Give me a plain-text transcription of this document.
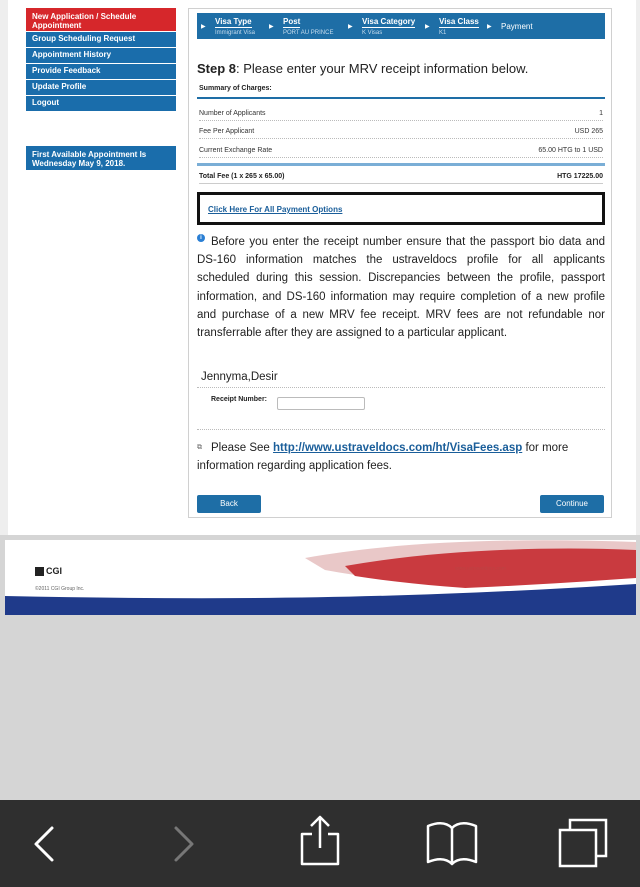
New Application / Schedule Appointment
Group Scheduling Request
Appointment History
Provide Feedback
Update Profile
Logout
First Available Appointment Is Wednesday May 9, 2018.
▶
Visa Type
Immigrant Visa
▶
Post
PORT AU PRINCE
▶
Visa Category
K Visas
▶
Visa Class
K1
▶ Payment
Step 8: Please enter your MRV receipt information below.
Summary of Charges:
Number of Applicants	1
Fee Per Applicant	USD 265
Current Exchange Rate	65.00 HTG to 1 USD
Total Fee (1 x 265 x 65.00)	HTG 17225.00
Click Here For All Payment Options
i Before you enter the receipt number ensure that the passport bio data and DS-160 information matches the ustraveldocs profile for all applicants scheduled during this session. Discrepancies between the profile, passport information, and DS-160 information may require completion of a new profile and purchase of a new MRV fee receipt. MRV fees are not refundable nor transferrable after they are assigned to a particular applicant.
Jennyma,Desir
Receipt Number:
⧉ Please See http://www.ustraveldocs.com/ht/VisaFees.asp for more information regarding application fees.
Back	Continue
CGI
©2011 CGI Group Inc.
www.ustraveldocs.com
